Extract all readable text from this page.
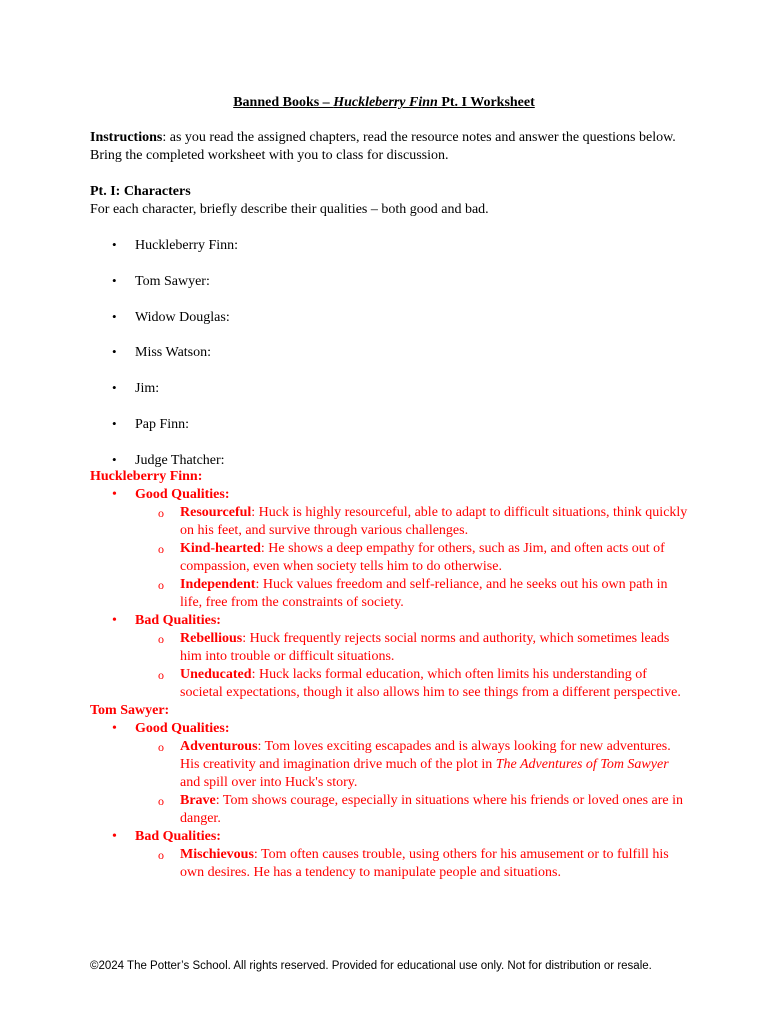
Banned Books – Huckleberry Finn Pt. I Worksheet
Instructions: as you read the assigned chapters, read the resource notes and answer the questions below. Bring the completed worksheet with you to class for discussion.
Pt. I: Characters
For each character, briefly describe their qualities – both good and bad.
• Huckleberry Finn:
• Tom Sawyer:
• Widow Douglas:
• Miss Watson:
• Jim:
• Pap Finn:
• Judge Thatcher:
Huckleberry Finn:
• Good Qualities:
o Resourceful: Huck is highly resourceful, able to adapt to difficult situations, think quickly on his feet, and survive through various challenges.
o Kind-hearted: He shows a deep empathy for others, such as Jim, and often acts out of compassion, even when society tells him to do otherwise.
o Independent: Huck values freedom and self-reliance, and he seeks out his own path in life, free from the constraints of society.
• Bad Qualities:
o Rebellious: Huck frequently rejects social norms and authority, which sometimes leads him into trouble or difficult situations.
o Uneducated: Huck lacks formal education, which often limits his understanding of societal expectations, though it also allows him to see things from a different perspective.
Tom Sawyer:
• Good Qualities:
o Adventurous: Tom loves exciting escapades and is always looking for new adventures. His creativity and imagination drive much of the plot in The Adventures of Tom Sawyer and spill over into Huck's story.
o Brave: Tom shows courage, especially in situations where his friends or loved ones are in danger.
• Bad Qualities:
o Mischievous: Tom often causes trouble, using others for his amusement or to fulfill his own desires. He has a tendency to manipulate people and situations.
©2024 The Potter’s School. All rights reserved. Provided for educational use only. Not for distribution or resale.
